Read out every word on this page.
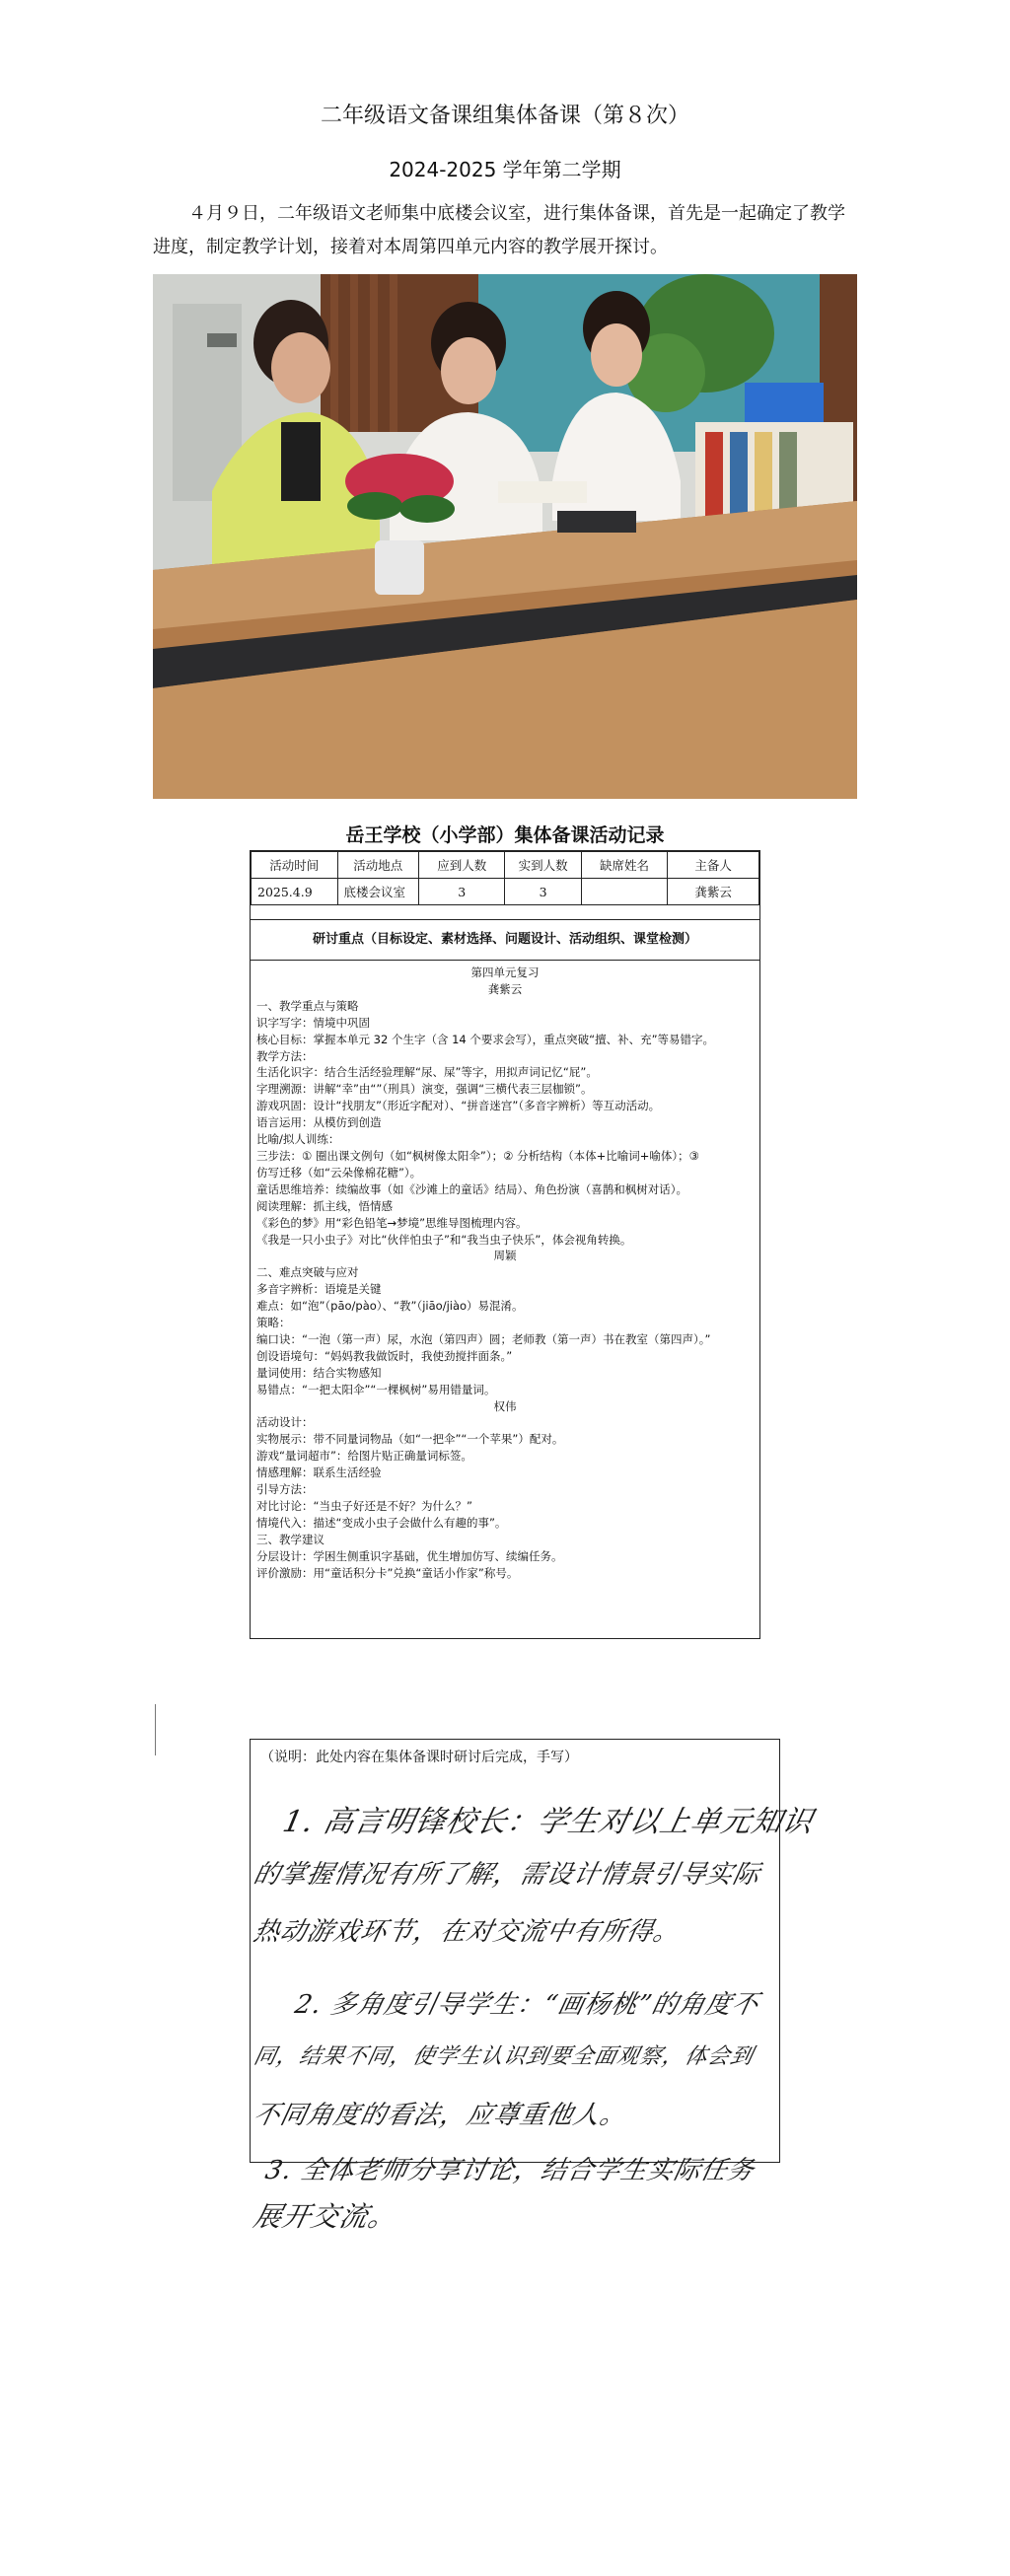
二年级语文备课组集体备课（第８次）
2024-2025 学年第二学期
４月９日，二年级语文老师集中底楼会议室，进行集体备课，首先是一起确定了教学进度，制定教学计划，接着对本周第四单元内容的教学展开探讨。
岳王学校（小学部）集体备课活动记录
活动时间	活动地点	应到人数	实到人数	缺席姓名	主备人
2025.4.9	底楼会议室	3	3		龚紫云
研讨重点（目标设定、素材选择、问题设计、活动组织、课堂检测）
第四单元复习
龚紫云
一、教学重点与策略
识字写字：情境中巩固
核心目标：掌握本单元 32 个生字（含 14 个要求会写），重点突破“擅、补、充”等易错字。
教学方法：
生活化识字：结合生活经验理解“尿、屎”等字，用拟声词记忆“屁”。
字理溯源：讲解“幸”由“”（刑具）演变，强调“三横代表三层枷锁”。
游戏巩固：设计“找朋友”（形近字配对）、“拼音迷宫”（多音字辨析）等互动活动。
语言运用：从模仿到创造
比喻/拟人训练：
三步法：① 圈出课文例句（如“枫树像太阳伞”）；② 分析结构（本体+比喻词+喻体）；③
仿写迁移（如“云朵像棉花糖”）。
童话思维培养：续编故事（如《沙滩上的童话》结局）、角色扮演（喜鹊和枫树对话）。
阅读理解：抓主线，悟情感
《彩色的梦》用“彩色铅笔→梦境”思维导图梳理内容。
《我是一只小虫子》对比“伙伴怕虫子”和“我当虫子快乐”，体会视角转换。
周颖
二、难点突破与应对
多音字辨析：语境是关键
难点：如“泡”（pāo/pào）、“教”（jiāo/jiào）易混淆。
策略：
编口诀：“一泡（第一声）尿，水泡（第四声）圆；老师教（第一声）书在教室（第四声）。”
创设语境句：“妈妈教我做饭时，我使劲搅拌面条。”
量词使用：结合实物感知
易错点：“一把太阳伞”“一棵枫树”易用错量词。
权伟
活动设计：
实物展示：带不同量词物品（如“一把伞”“一个苹果”）配对。
游戏“量词超市”：给图片贴正确量词标签。
情感理解：联系生活经验
引导方法：
对比讨论：“当虫子好还是不好？为什么？”
情境代入：描述“变成小虫子会做什么有趣的事”。
三、教学建议
分层设计：学困生侧重识字基础，优生增加仿写、续编任务。
评价激励：用“童话积分卡”兑换“童话小作家”称号。
（说明：此处内容在集体备课时研讨后完成，手写）
1. 高言明锋校长：学生对以上单元知识
的掌握情况有所了解，需设计情景引导实际
热动游戏环节，在对交流中有所得。
2. 多角度引导学生：“画杨桃”的角度不
同，结果不同，使学生认识到要全面观察，体会到
不同角度的看法，应尊重他人。
3. 全体老师分享讨论，结合学生实际任务
展开交流。
